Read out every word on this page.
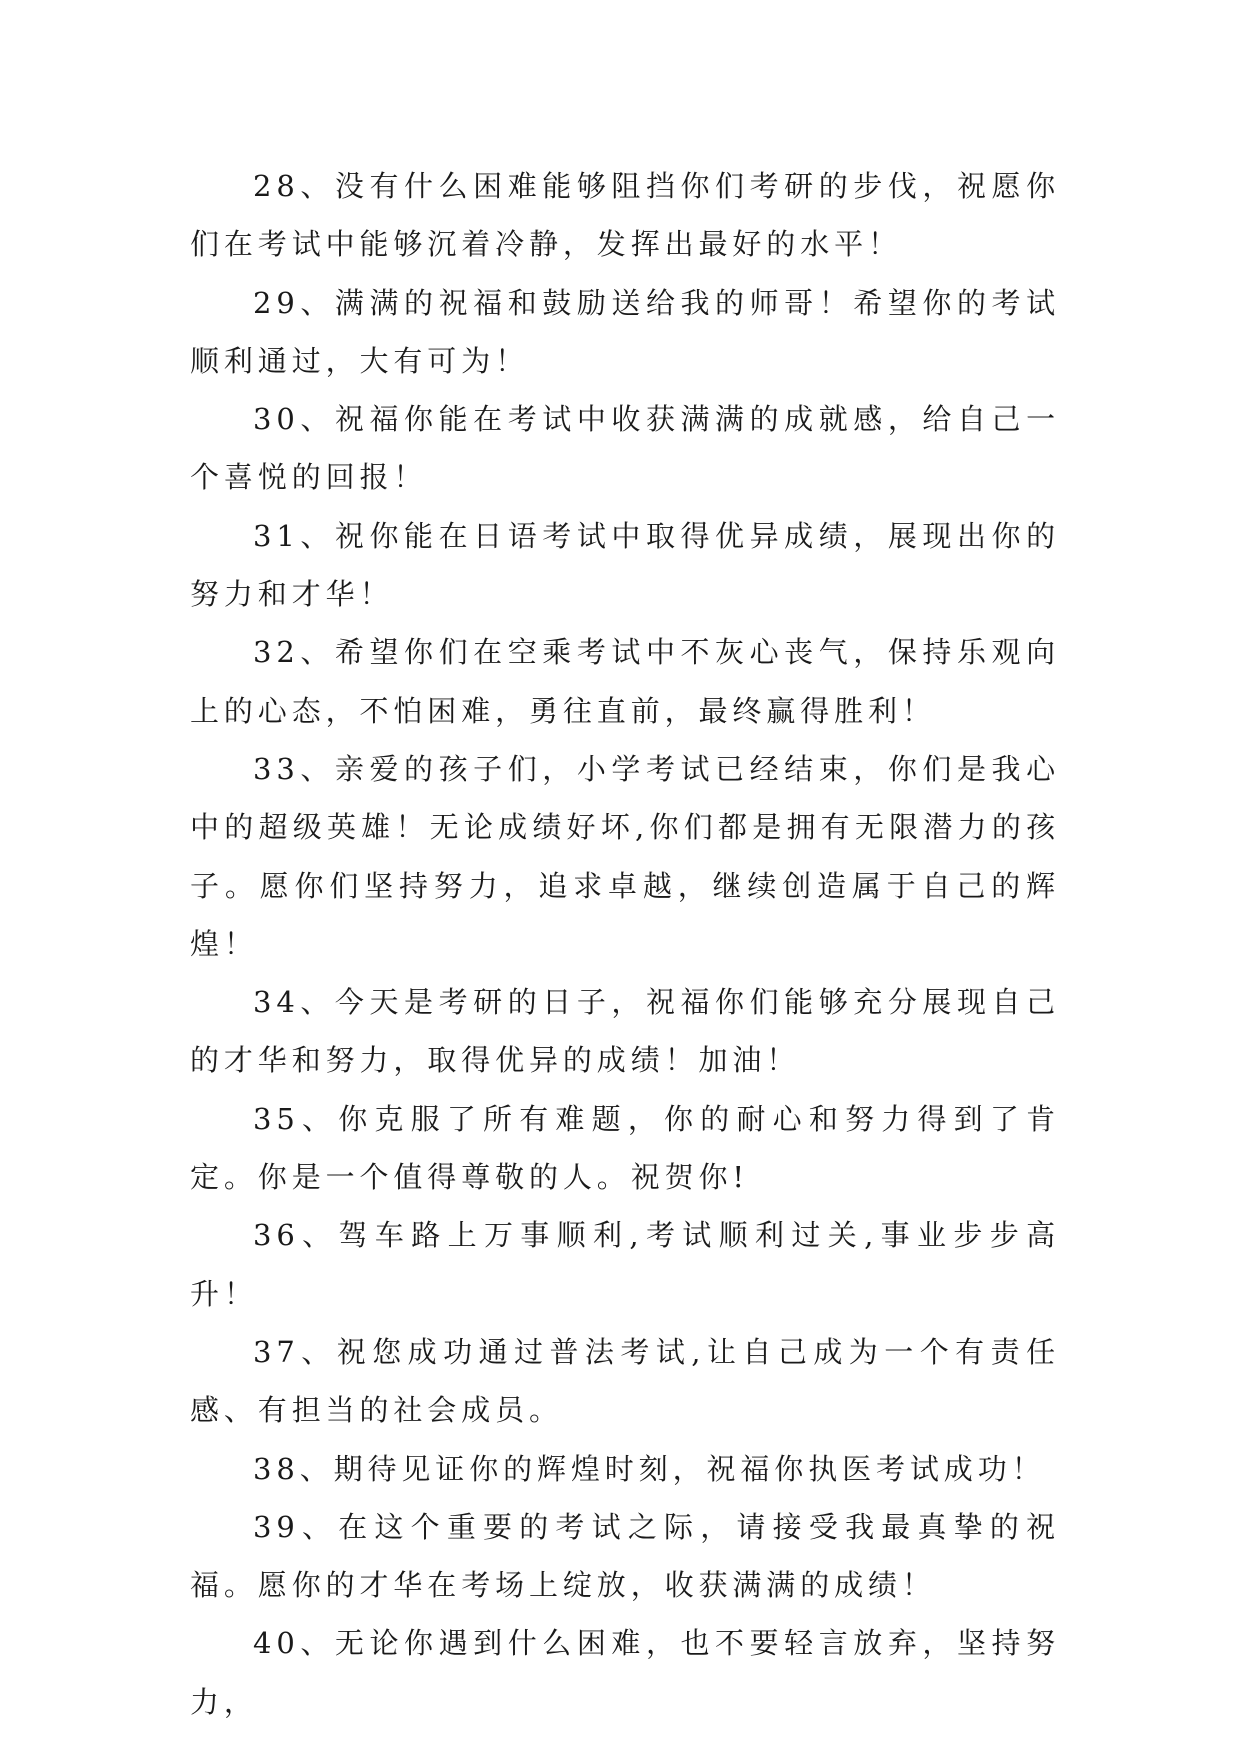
28、没有什么困难能够阻挡你们考研的步伐，祝愿你们在考试中能够沉着冷静，发挥出最好的水平！

29、满满的祝福和鼓励送给我的师哥！希望你的考试顺利通过，大有可为！

30、祝福你能在考试中收获满满的成就感，给自己一个喜悦的回报！

31、祝你能在日语考试中取得优异成绩，展现出你的努力和才华！

32、希望你们在空乘考试中不灰心丧气，保持乐观向上的心态，不怕困难，勇往直前，最终赢得胜利！

33、亲爱的孩子们，小学考试已经结束，你们是我心中的超级英雄！无论成绩好坏,你们都是拥有无限潜力的孩子。愿你们坚持努力，追求卓越，继续创造属于自己的辉煌！

34、今天是考研的日子，祝福你们能够充分展现自己的才华和努力，取得优异的成绩！加油！

35、你克服了所有难题，你的耐心和努力得到了肯定。你是一个值得尊敬的人。祝贺你!

36、驾车路上万事顺利,考试顺利过关,事业步步高升！

37、祝您成功通过普法考试,让自己成为一个有责任感、有担当的社会成员。

38、期待见证你的辉煌时刻，祝福你执医考试成功！

39、在这个重要的考试之际，请接受我最真挚的祝福。愿你的才华在考场上绽放，收获满满的成绩！

40、无论你遇到什么困难，也不要轻言放弃，坚持努力，
